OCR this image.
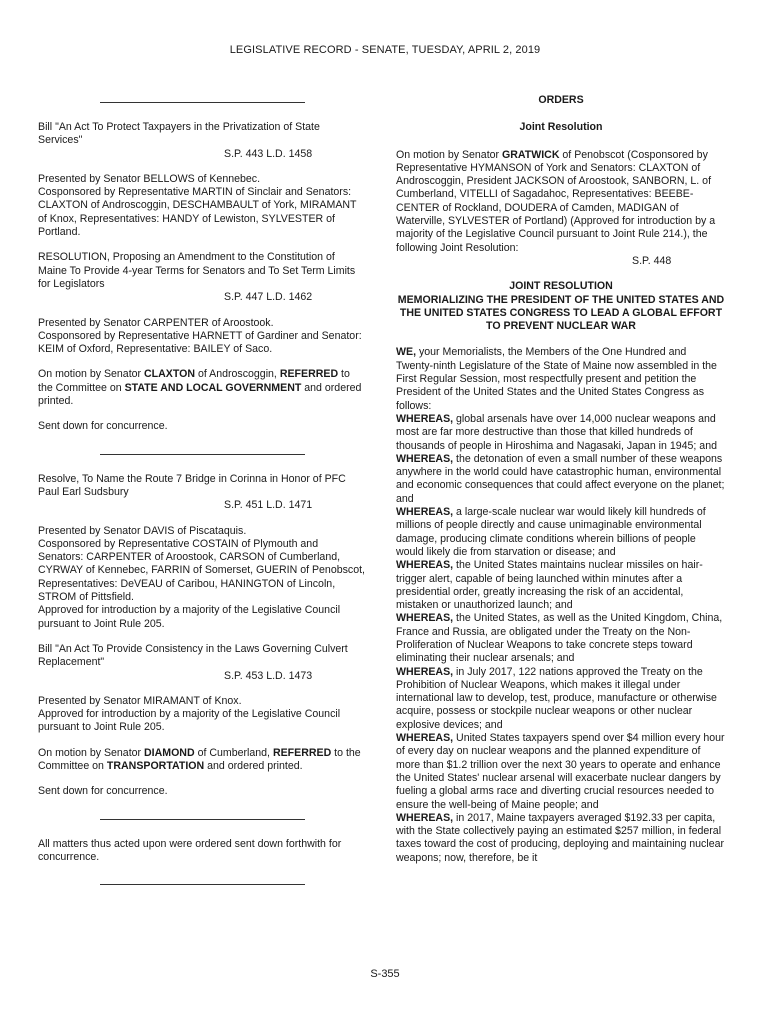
LEGISLATIVE RECORD - SENATE, TUESDAY, APRIL 2, 2019

Bill "An Act To Protect Taxpayers in the Privatization of State Services"

S.P. 443 L.D. 1458

Presented by Senator BELLOWS of Kennebec.
Cosponsored by Representative MARTIN of Sinclair and Senators: CLAXTON of Androscoggin, DESCHAMBAULT of York, MIRAMANT of Knox, Representatives: HANDY of Lewiston, SYLVESTER of Portland.

RESOLUTION, Proposing an Amendment to the Constitution of Maine To Provide 4-year Terms for Senators and To Set Term Limits for Legislators

S.P. 447 L.D. 1462

Presented by Senator CARPENTER of Aroostook.
Cosponsored by Representative HARNETT of Gardiner and Senator: KEIM of Oxford, Representative: BAILEY of Saco.

On motion by Senator CLAXTON of Androscoggin, REFERRED to the Committee on STATE AND LOCAL GOVERNMENT and ordered printed.

Sent down for concurrence.

Resolve, To Name the Route 7 Bridge in Corinna in Honor of PFC Paul Earl Sudsbury

S.P. 451 L.D. 1471

Presented by Senator DAVIS of Piscataquis.
Cosponsored by Representative COSTAIN of Plymouth and Senators: CARPENTER of Aroostook, CARSON of Cumberland, CYRWAY of Kennebec, FARRIN of Somerset, GUERIN of Penobscot, Representatives: DeVEAU of Caribou, HANINGTON of Lincoln, STROM of Pittsfield.
Approved for introduction by a majority of the Legislative Council pursuant to Joint Rule 205.

Bill "An Act To Provide Consistency in the Laws Governing Culvert Replacement"

S.P. 453 L.D. 1473

Presented by Senator MIRAMANT of Knox.
Approved for introduction by a majority of the Legislative Council pursuant to Joint Rule 205.

On motion by Senator DIAMOND of Cumberland, REFERRED to the Committee on TRANSPORTATION and ordered printed.

Sent down for concurrence.

All matters thus acted upon were ordered sent down forthwith for concurrence.

ORDERS

Joint Resolution

On motion by Senator GRATWICK of Penobscot (Cosponsored by Representative HYMANSON of York and Senators: CLAXTON of Androscoggin, President JACKSON of Aroostook, SANBORN, L. of Cumberland, VITELLI of Sagadahoc, Representatives: BEEBE-CENTER of Rockland, DOUDERA of Camden, MADIGAN of Waterville, SYLVESTER of Portland) (Approved for introduction by a majority of the Legislative Council pursuant to Joint Rule 214.), the following Joint Resolution:

S.P. 448

JOINT RESOLUTION

MEMORIALIZING THE PRESIDENT OF THE UNITED STATES AND THE UNITED STATES CONGRESS TO LEAD A GLOBAL EFFORT TO PREVENT NUCLEAR WAR

WE, your Memorialists, the Members of the One Hundred and Twenty-ninth Legislature of the State of Maine now assembled in the First Regular Session, most respectfully present and petition the President of the United States and the United States Congress as follows:

WHEREAS, global arsenals have over 14,000 nuclear weapons and most are far more destructive than those that killed hundreds of thousands of people in Hiroshima and Nagasaki, Japan in 1945; and

WHEREAS, the detonation of even a small number of these weapons anywhere in the world could have catastrophic human, environmental and economic consequences that could affect everyone on the planet; and

WHEREAS, a large-scale nuclear war would likely kill hundreds of millions of people directly and cause unimaginable environmental damage, producing climate conditions wherein billions of people would likely die from starvation or disease; and

WHEREAS, the United States maintains nuclear missiles on hair-trigger alert, capable of being launched within minutes after a presidential order, greatly increasing the risk of an accidental, mistaken or unauthorized launch; and

WHEREAS, the United States, as well as the United Kingdom, China, France and Russia, are obligated under the Treaty on the Non-Proliferation of Nuclear Weapons to take concrete steps toward eliminating their nuclear arsenals; and

WHEREAS, in July 2017, 122 nations approved the Treaty on the Prohibition of Nuclear Weapons, which makes it illegal under international law to develop, test, produce, manufacture or otherwise acquire, possess or stockpile nuclear weapons or other nuclear explosive devices; and

WHEREAS, United States taxpayers spend over $4 million every hour of every day on nuclear weapons and the planned expenditure of more than $1.2 trillion over the next 30 years to operate and enhance the United States' nuclear arsenal will exacerbate nuclear dangers by fueling a global arms race and diverting crucial resources needed to ensure the well-being of Maine people; and

WHEREAS, in 2017, Maine taxpayers averaged $192.33 per capita, with the State collectively paying an estimated $257 million, in federal taxes toward the cost of producing, deploying and maintaining nuclear weapons; now, therefore, be it

S-355
